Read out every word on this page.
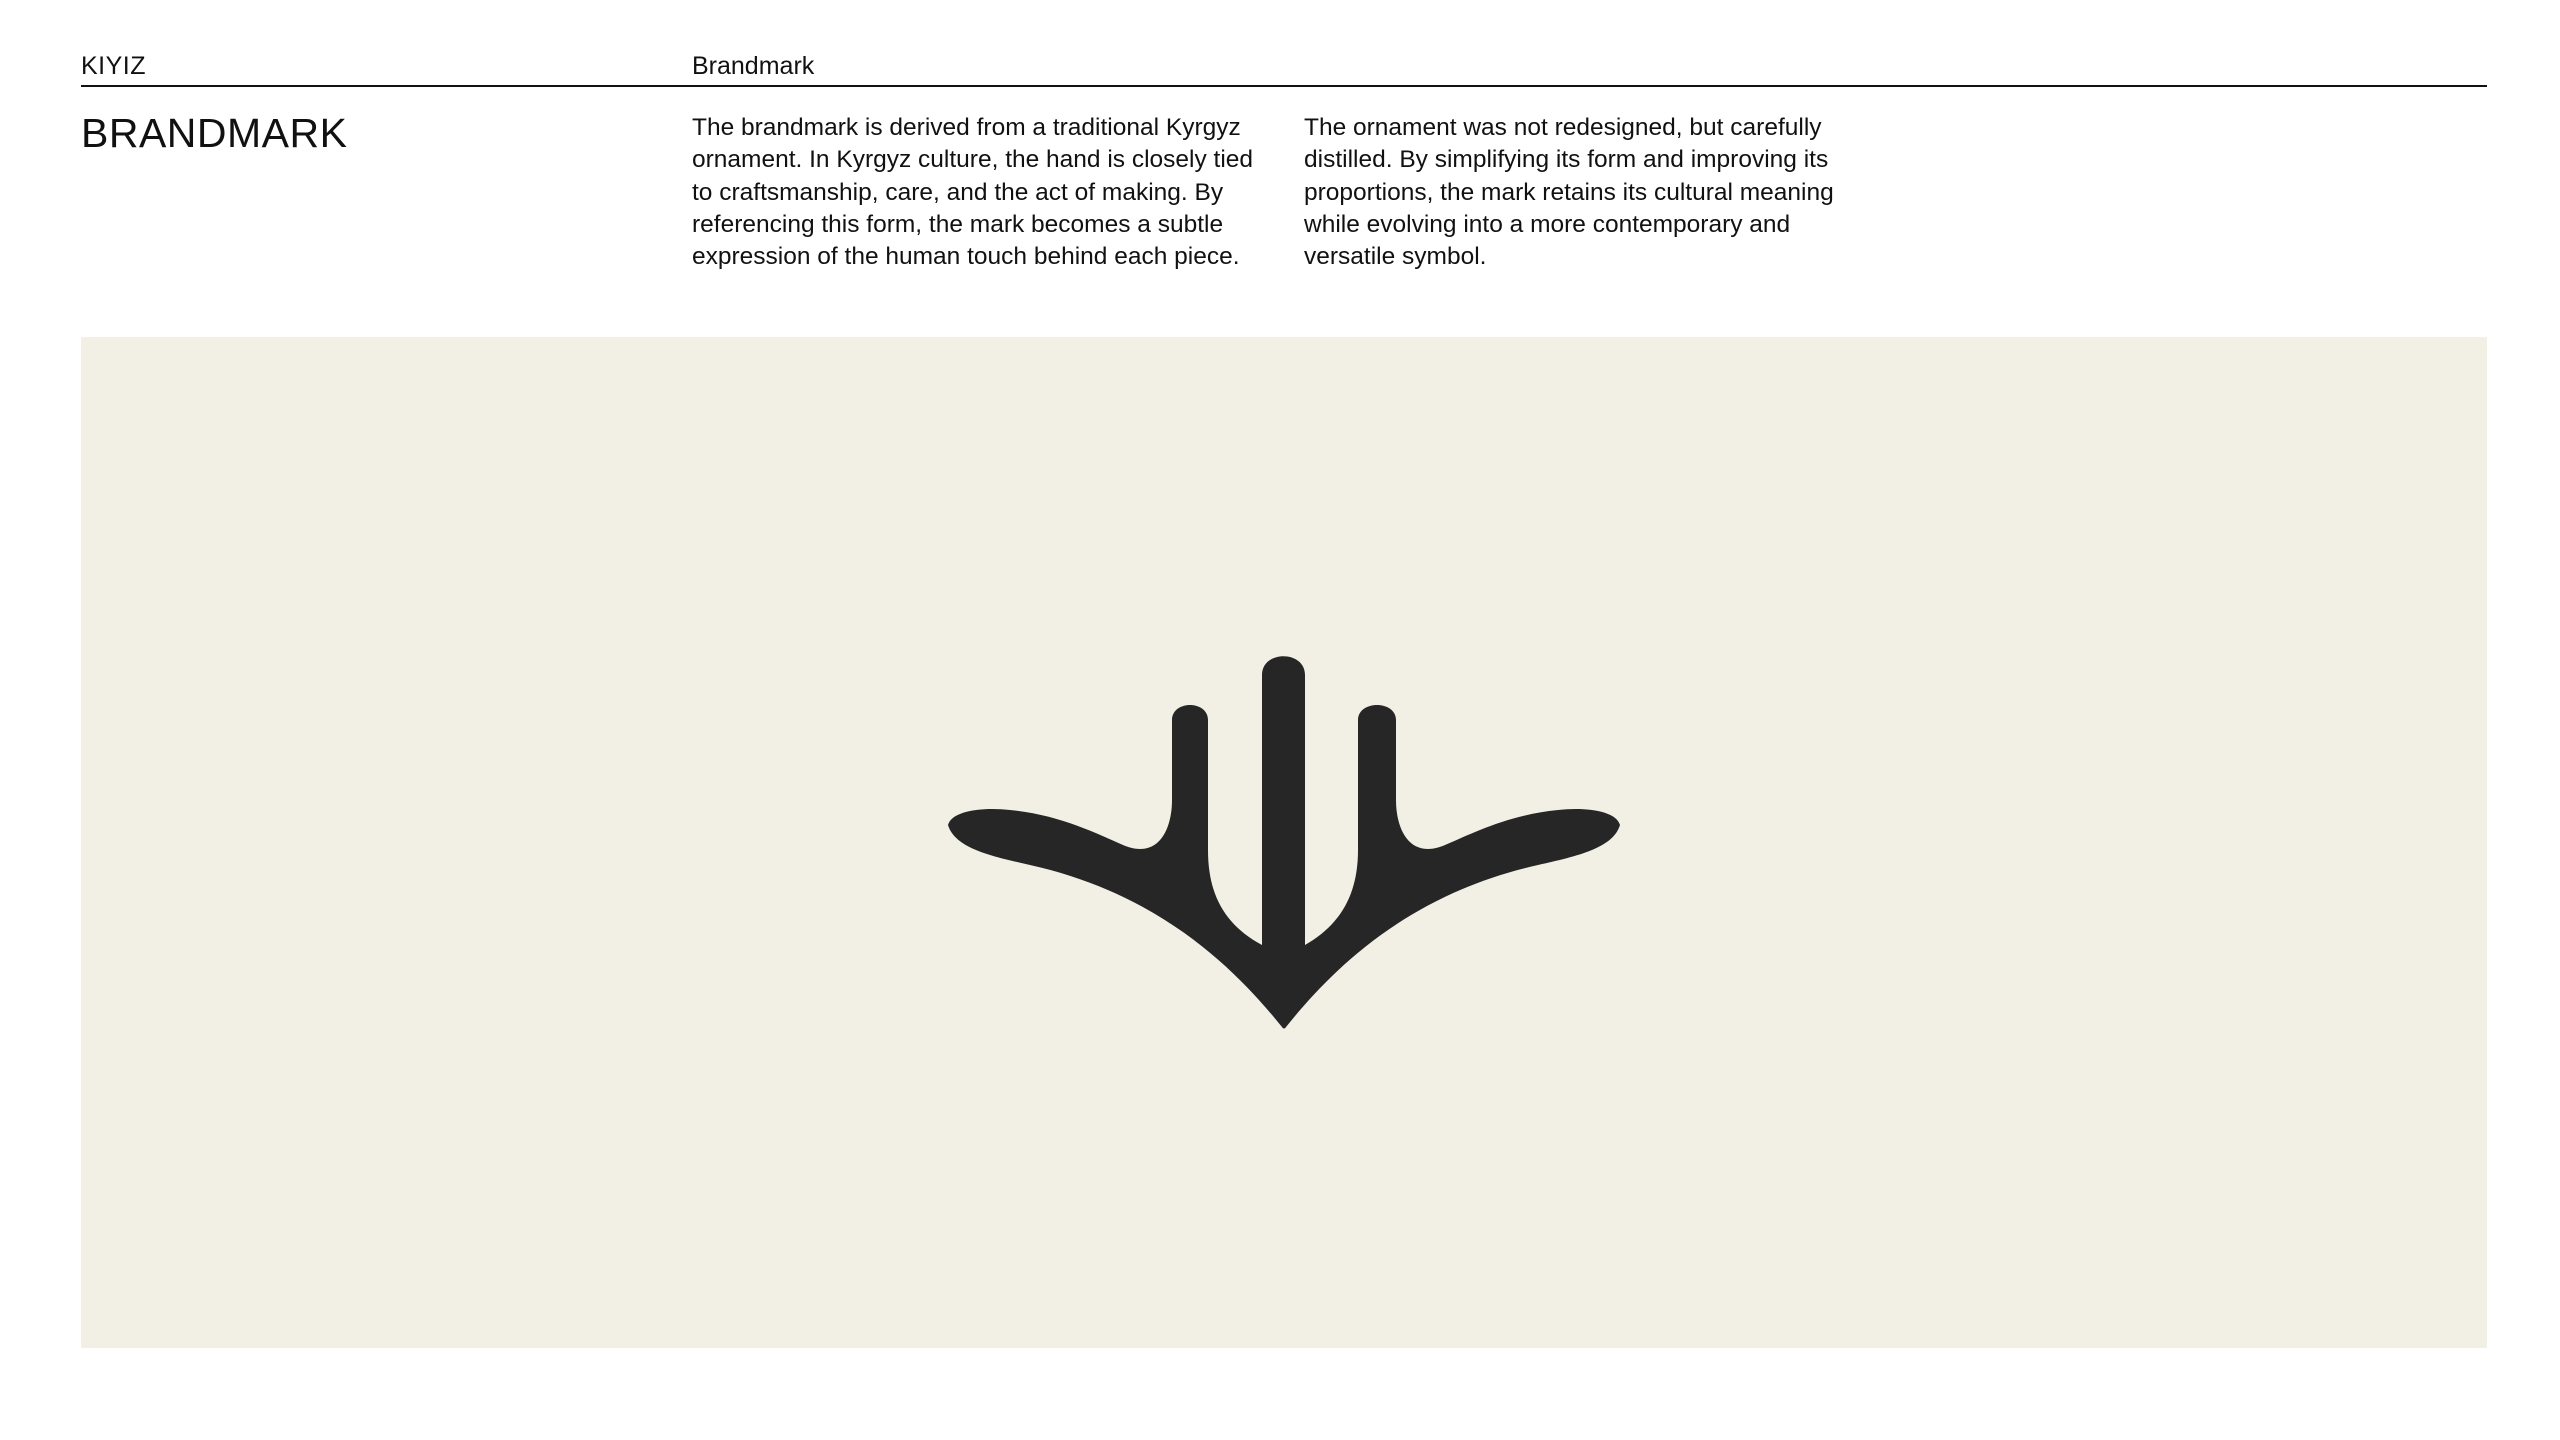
KIYIZ	Brandmark
BRANDMARK	The brandmark is derived from a traditional Kyrgyz ornament. In Kyrgyz culture, the hand is closely tied to craftsmanship, care, and the act of making. By referencing this form, the mark becomes a subtle expression of the human touch behind each piece.

The ornament was not redesigned, but carefully distilled. By simplifying its form and improving its proportions, the mark retains its cultural meaning while evolving into a more contemporary and versatile symbol.
